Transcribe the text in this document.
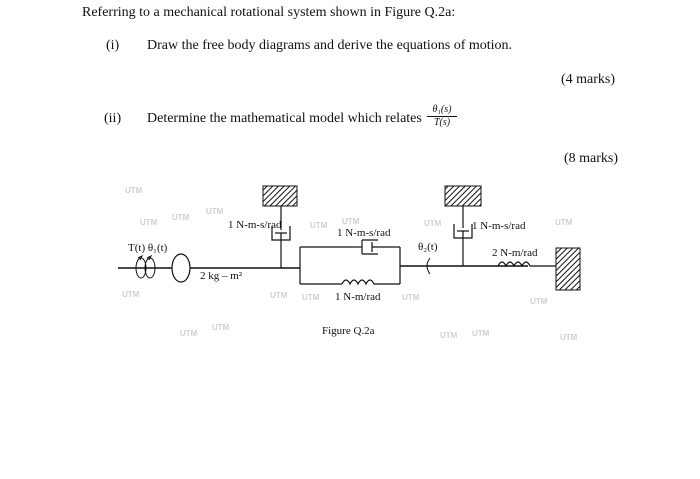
Referring to a mechanical rotational system shown in Figure Q.2a:
(i) Draw the free body diagrams and derive the equations of motion.
(4 marks)
(ii) Determine the mathematical model which relates $\frac{\text{θ₁(s)}}{T(s)}$
(8 marks)
UTM
UTM
UTM
UTM
UTM
UTM
UTM
UTM UTM
UTM UTM	UTM
UTM
UTM UTM
UTM
UTM
UTM
T(t) θ₁(t)
2 kg – m²
1 N-m-s/rad
1 N-m-s/rad
1 N-m/rad
θ₂(t)
1 N-m-s/rad
2 N-m/rad
Figure Q.2a
